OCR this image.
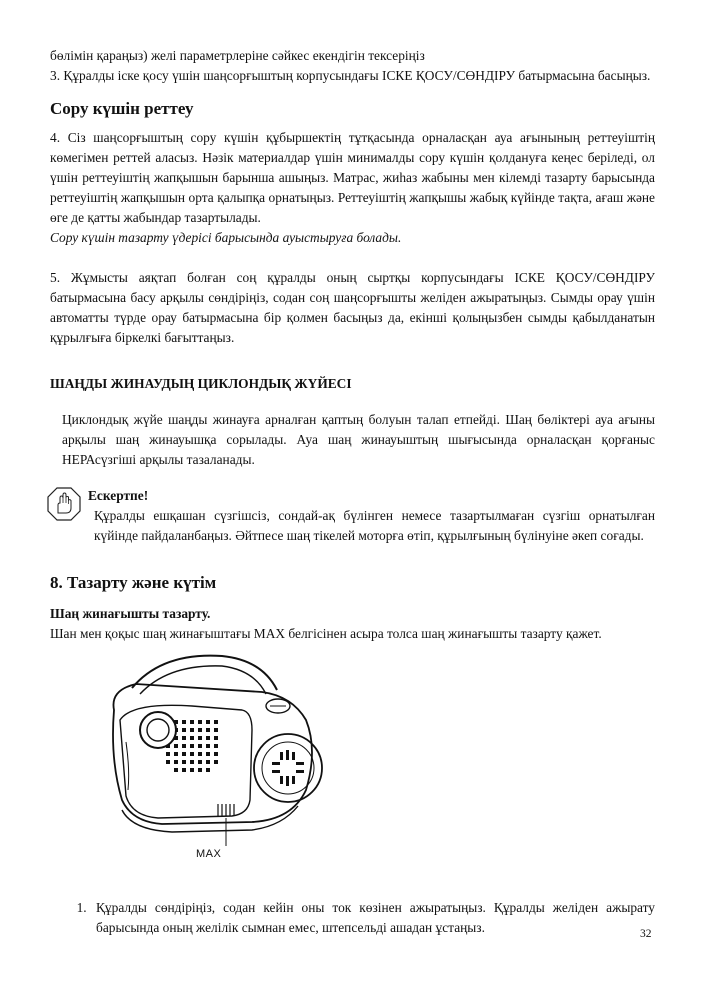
бөлімін қараңыз) желі параметрлеріне сәйкес екендігін тексеріңіз

3. Құралды іске қосу үшін шаңсорғыштың корпусындағы ІСКЕ ҚОСУ/СӨНДІРУ батырмасына басыңыз.

Сору күшін реттеу

4. Сіз шаңсорғыштың сору күшін құбыршектің тұтқасында орналасқан ауа ағынының реттеуіштің көмегімен реттей аласыз. Нәзік материалдар үшін минималды сору күшін қолдануға кеңес беріледі, ол үшін реттеуіштің жапқышын барынша ашыңыз. Матрас, жиһаз жабыны мен кілемді тазарту барысында реттеуіштің жапқышын орта қалыпқа орнатыңыз. Реттеуіштің жапқышы жабық күйінде тақта, ағаш және өге де қатты жабындар тазартылады.

Сору күшін тазарту үдерісі барысында ауыстыруға болады.

5. Жұмысты аяқтап болған соң құралды оның сыртқы корпусындағы ІСКЕ ҚОСУ/СӨНДІРУ батырмасына басу арқылы сөндіріңіз, содан соң шаңсорғышты желіден ажыратыңыз. Сымды орау үшін автоматты түрде орау батырмасына бір қолмен басыңыз да, екінші қолыңызбен сымды қабылданатын құрылғыға біркелкі бағыттаңыз.

ШАҢДЫ ЖИНАУДЫҢ ЦИКЛОНДЫҚ ЖҮЙЕСІ

Циклондық жүйе шаңды жинауға арналған қаптың болуын талап етпейді. Шаң бөліктері ауа ағыны арқылы шаң жинауышқа сорылады. Ауа шаң жинауыштың шығысында орналасқан қорғаныс НЕРАсүзгіші арқылы тазаланады.

Ескертпе!

Құралды ешқашан сүзгішсіз, сондай-ақ бүлінген немесе тазартылмаған сүзгіш орнатылған күйінде пайдаланбаңыз. Әйтпесе шаң тікелей моторға өтіп, құрылғының бүлінуіне әкеп соғады.

8. Тазарту және күтім
Шаң жинағышты тазарту.

Шан мен қоқыс шаң жинағыштағы MAX белгісінен асыра толса шаң жинағышты тазарту қажет.

MAX
1. Құралды сөндіріңіз, содан кейін оны ток көзінен ажыратыңыз. Құралды желіден ажырату барысында оның желілік сымнан емес, штепсельді ашадан ұстаңыз.	32
